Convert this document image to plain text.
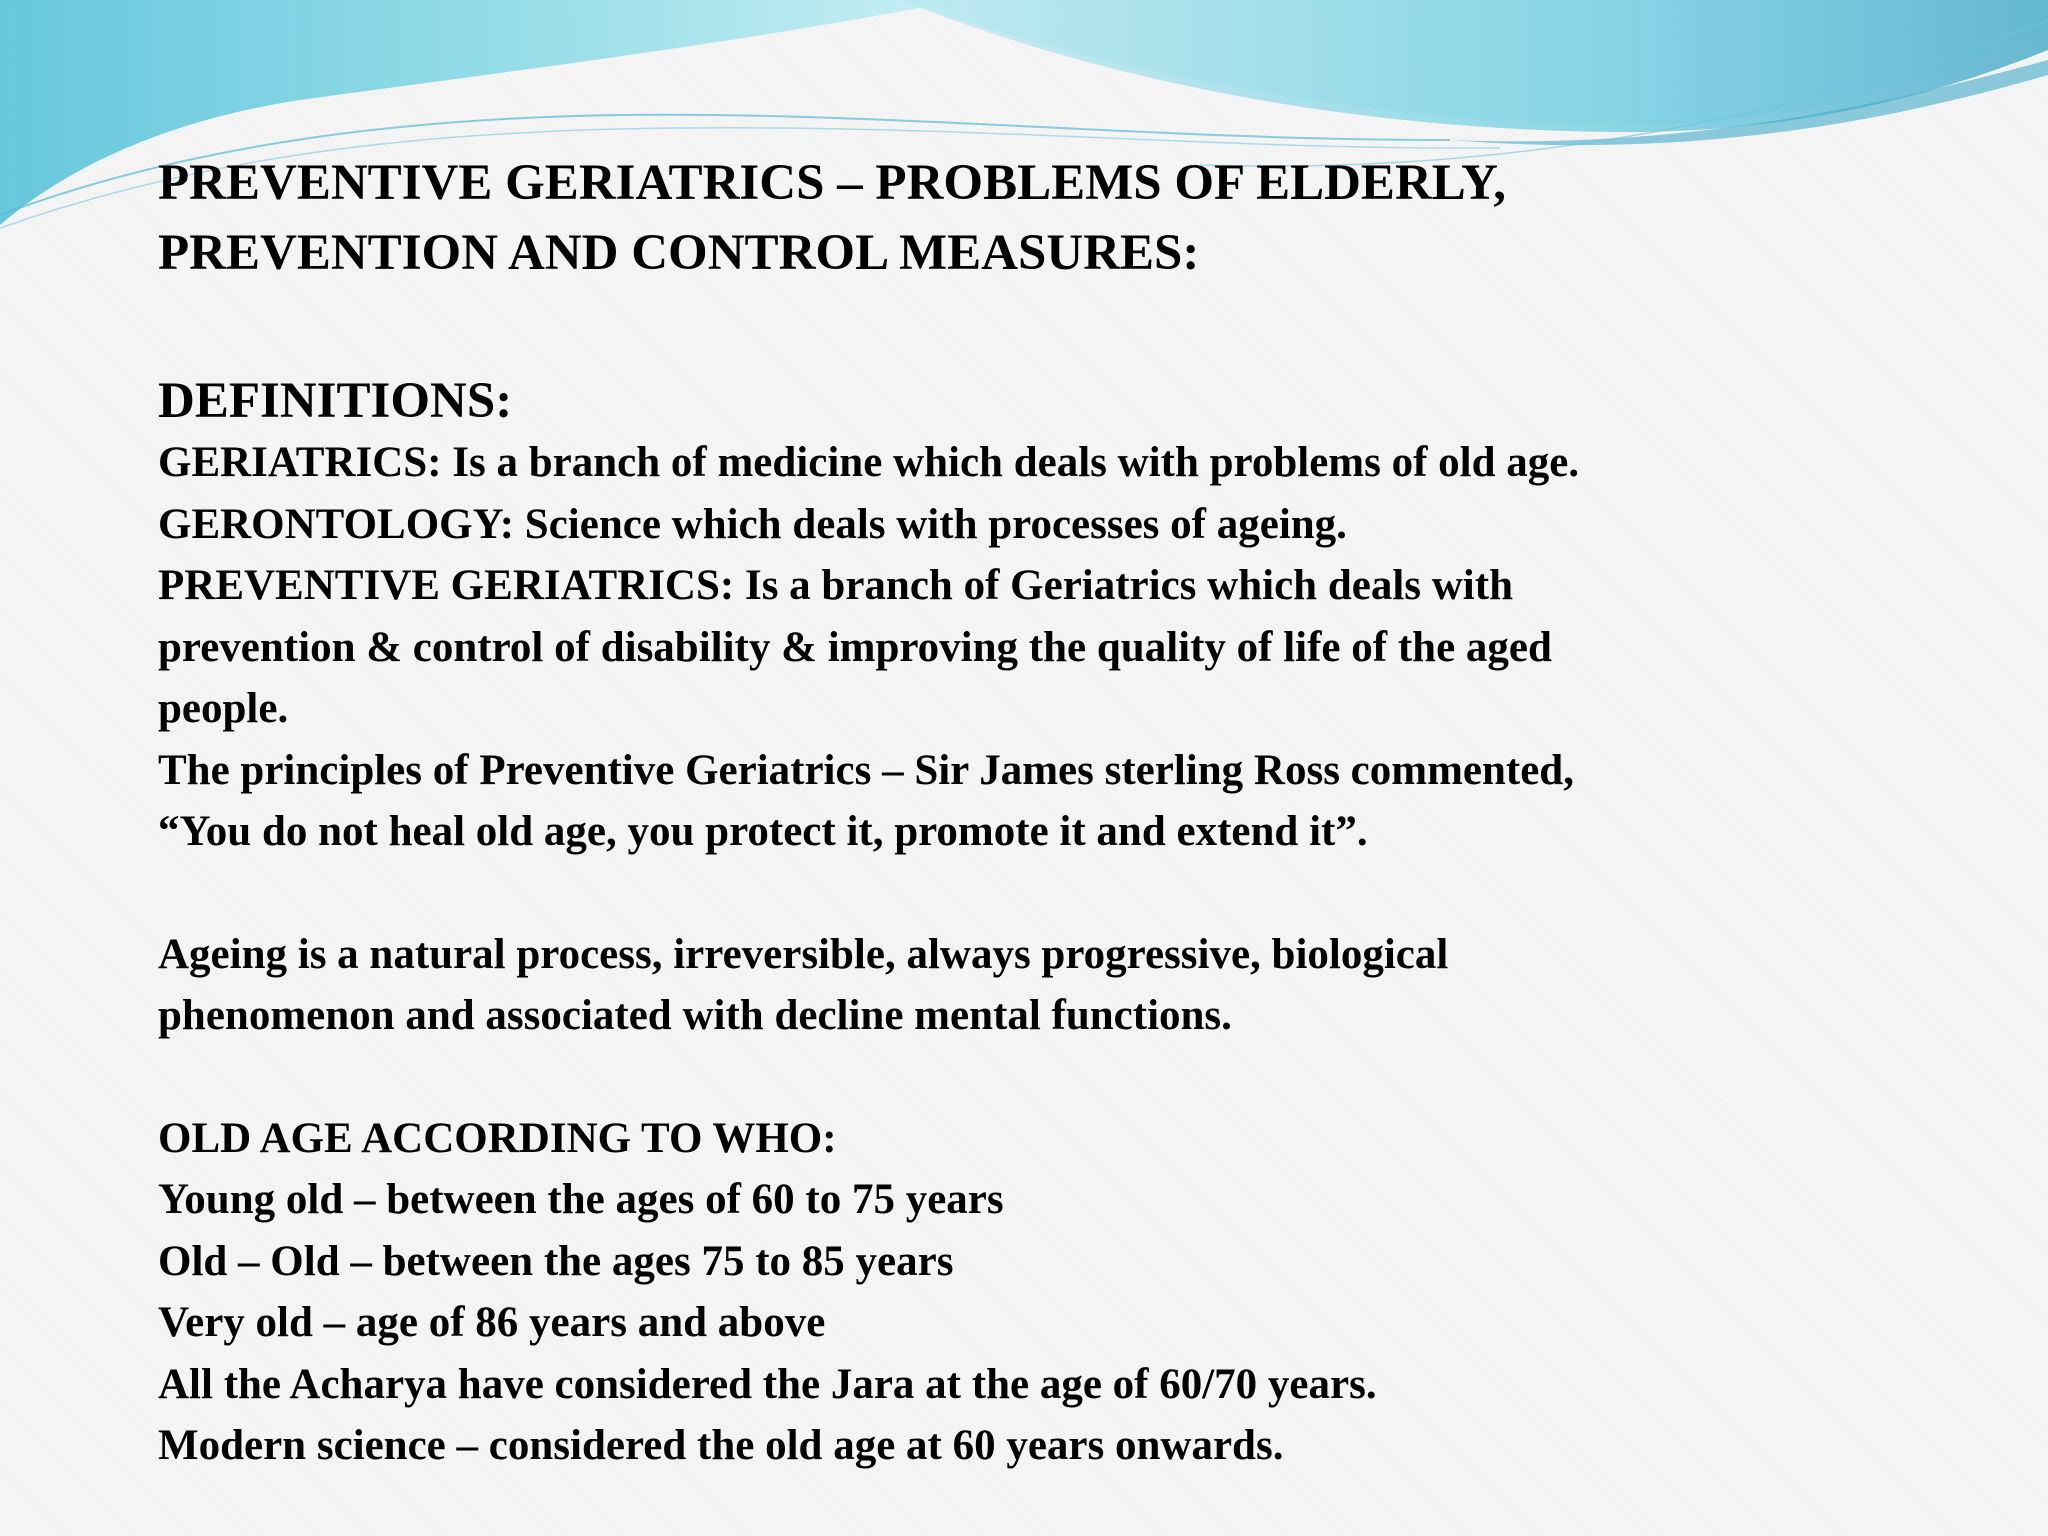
PREVENTIVE GERIATRICS – PROBLEMS OF ELDERLY,
PREVENTION AND CONTROL MEASURES:
DEFINITIONS:
GERIATRICS: Is a branch of medicine which deals with problems of old age.
GERONTOLOGY: Science which deals with processes of ageing.
PREVENTIVE GERIATRICS: Is a branch of Geriatrics which deals with
prevention & control of disability & improving the quality of life of the aged
people.
The principles of Preventive Geriatrics – Sir James sterling Ross commented,
“You do not heal old age, you protect it, promote it and extend it”.
Ageing is a natural process, irreversible, always progressive, biological
phenomenon and associated with decline mental functions.
OLD AGE ACCORDING TO WHO:
Young old – between the ages of 60 to 75 years
Old – Old – between the ages 75 to 85 years
Very old – age of 86 years and above
All the Acharya have considered the Jara at the age of 60/70 years.
Modern science – considered the old age at 60 years onwards.
